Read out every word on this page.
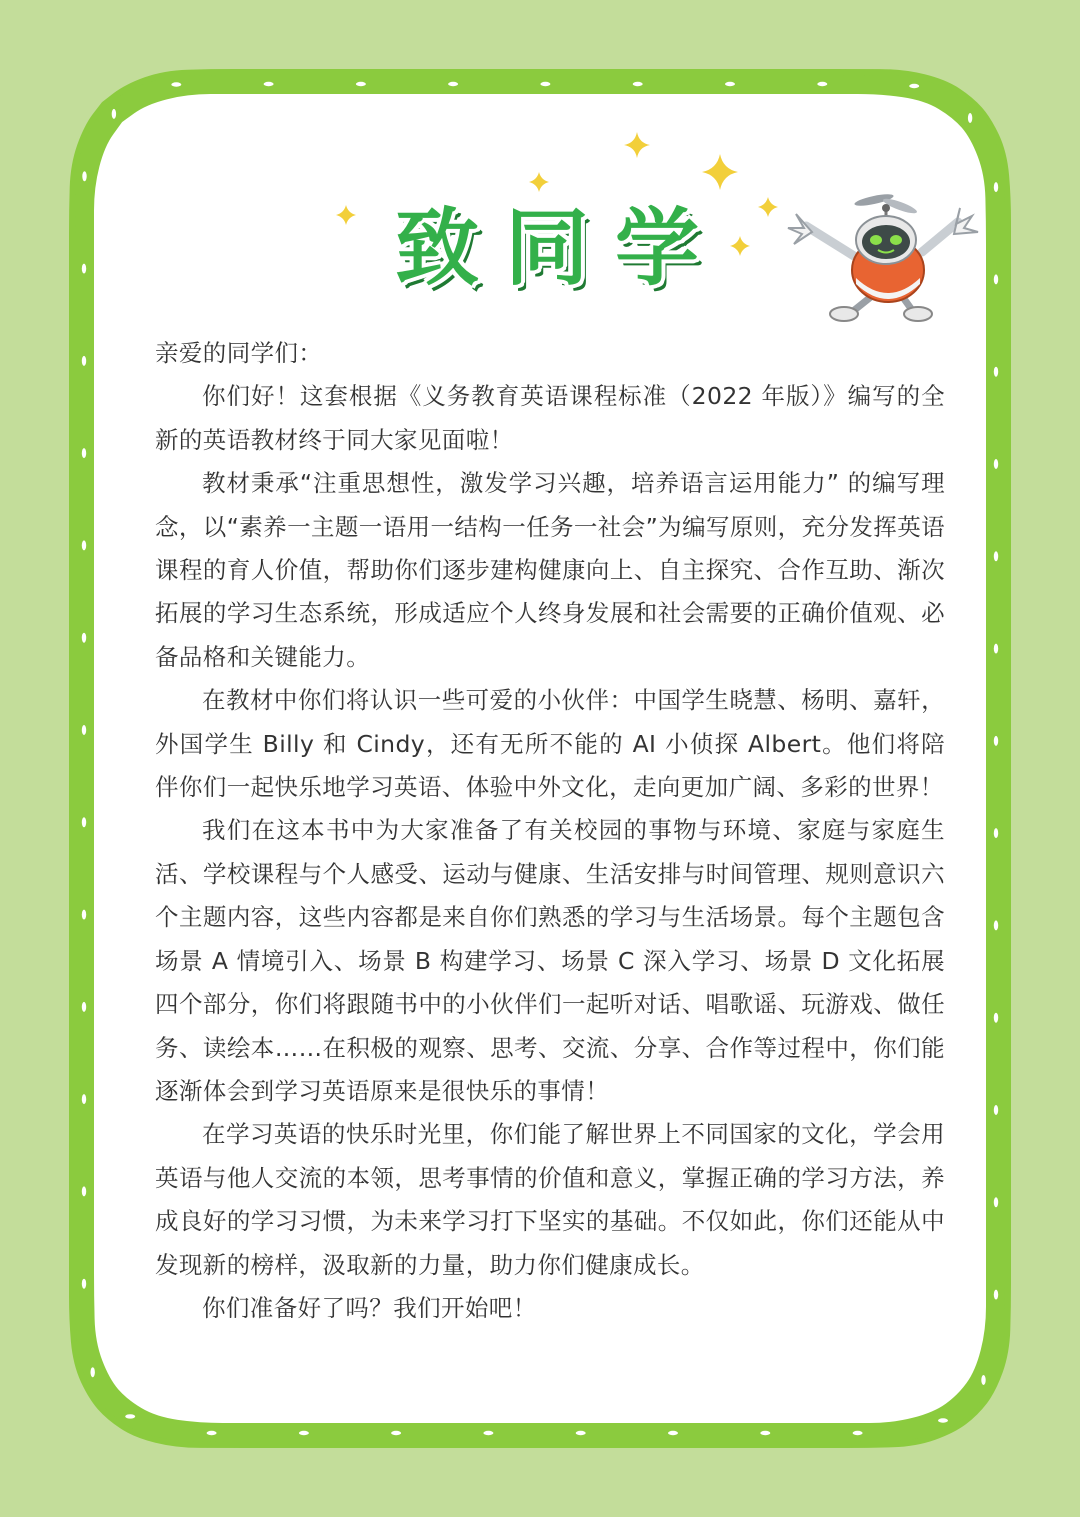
致同学

亲爱的同学们：

你们好！这套根据《义务教育英语课程标准（2022 年版）》编写的全新的英语教材终于同大家见面啦！

教材秉承“注重思想性，激发学习兴趣，培养语言运用能力” 的编写理念，以“素养一主题一语用一结构一任务一社会”为编写原则，充分发挥英语课程的育人价值，帮助你们逐步建构健康向上、自主探究、合作互助、渐次拓展的学习生态系统，形成适应个人终身发展和社会需要的正确价值观、必备品格和关键能力。

在教材中你们将认识一些可爱的小伙伴：中国学生晓慧、杨明、嘉轩，外国学生 Billy 和 Cindy，还有无所不能的 AI 小侦探 Albert。他们将陪伴你们一起快乐地学习英语、体验中外文化，走向更加广阔、多彩的世界！

我们在这本书中为大家准备了有关校园的事物与环境、家庭与家庭生活、学校课程与个人感受、运动与健康、生活安排与时间管理、规则意识六个主题内容，这些内容都是来自你们熟悉的学习与生活场景。每个主题包含场景 A 情境引入、场景 B 构建学习、场景 C 深入学习、场景 D 文化拓展四个部分，你们将跟随书中的小伙伴们一起听对话、唱歌谣、玩游戏、做任务、读绘本……在积极的观察、思考、交流、分享、合作等过程中，你们能逐渐体会到学习英语原来是很快乐的事情！

在学习英语的快乐时光里，你们能了解世界上不同国家的文化，学会用英语与他人交流的本领，思考事情的价值和意义，掌握正确的学习方法，养成良好的学习习惯，为未来学习打下坚实的基础。不仅如此，你们还能从中发现新的榜样，汲取新的力量，助力你们健康成长。

你们准备好了吗？我们开始吧！
